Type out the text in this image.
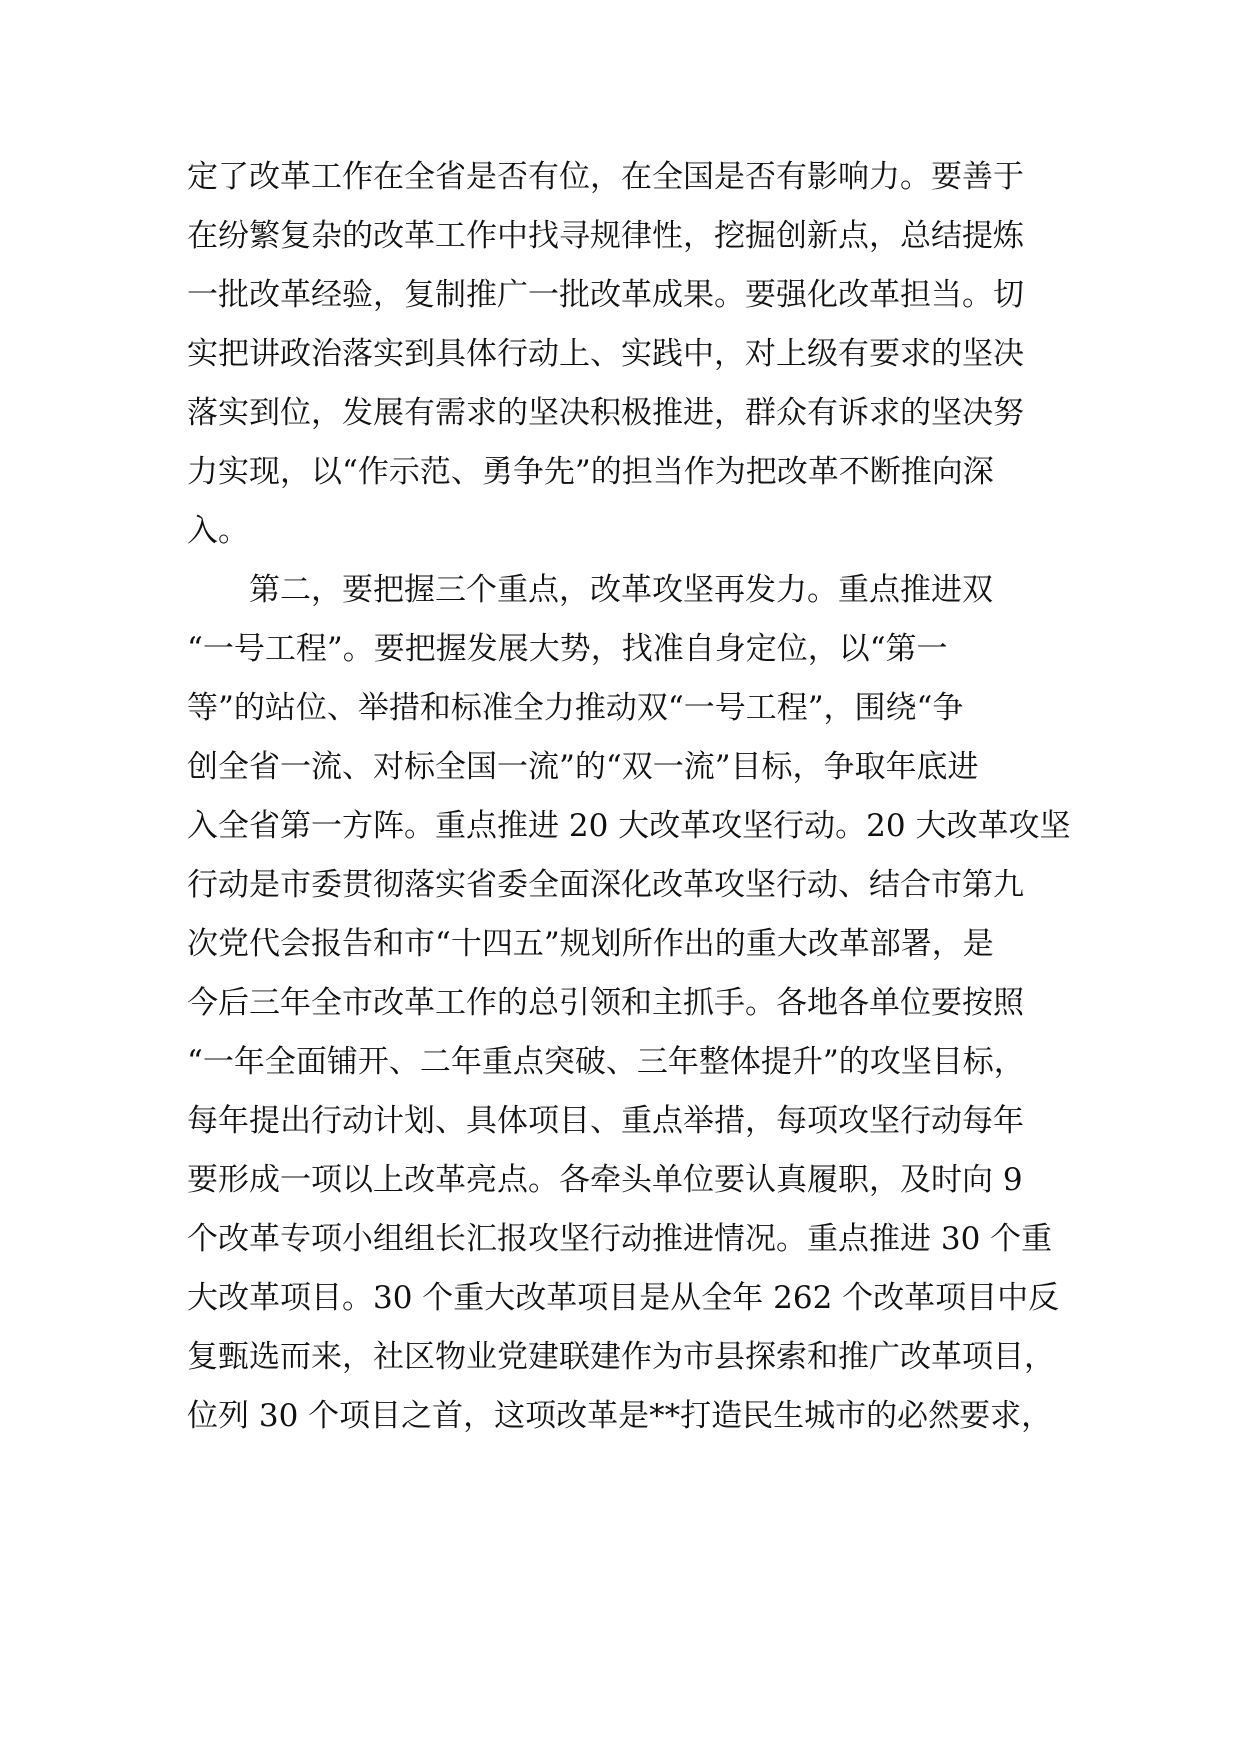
定了改革工作在全省是否有位，在全国是否有影响力。要善于
在纷繁复杂的改革工作中找寻规律性，挖掘创新点，总结提炼
一批改革经验，复制推广一批改革成果。要强化改革担当。切
实把讲政治落实到具体行动上、实践中，对上级有要求的坚决
落实到位，发展有需求的坚决积极推进，群众有诉求的坚决努
力实现，以“作示范、勇争先”的担当作为把改革不断推向深
入。
　　第二，要把握三个重点，改革攻坚再发力。重点推进双
“一号工程”。要把握发展大势，找准自身定位，以“第一
等”的站位、举措和标准全力推动双“一号工程”，围绕“争
创全省一流、对标全国一流”的“双一流”目标，争取年底进
入全省第一方阵。重点推进 20 大改革攻坚行动。20 大改革攻坚
行动是市委贯彻落实省委全面深化改革攻坚行动、结合市第九
次党代会报告和市“十四五”规划所作出的重大改革部署，是
今后三年全市改革工作的总引领和主抓手。各地各单位要按照
“一年全面铺开、二年重点突破、三年整体提升”的攻坚目标，
每年提出行动计划、具体项目、重点举措，每项攻坚行动每年
要形成一项以上改革亮点。各牵头单位要认真履职，及时向 9
个改革专项小组组长汇报攻坚行动推进情况。重点推进 30 个重
大改革项目。30 个重大改革项目是从全年 262 个改革项目中反
复甄选而来，社区物业党建联建作为市县探索和推广改革项目，
位列 30 个项目之首，这项改革是**打造民生城市的必然要求，
